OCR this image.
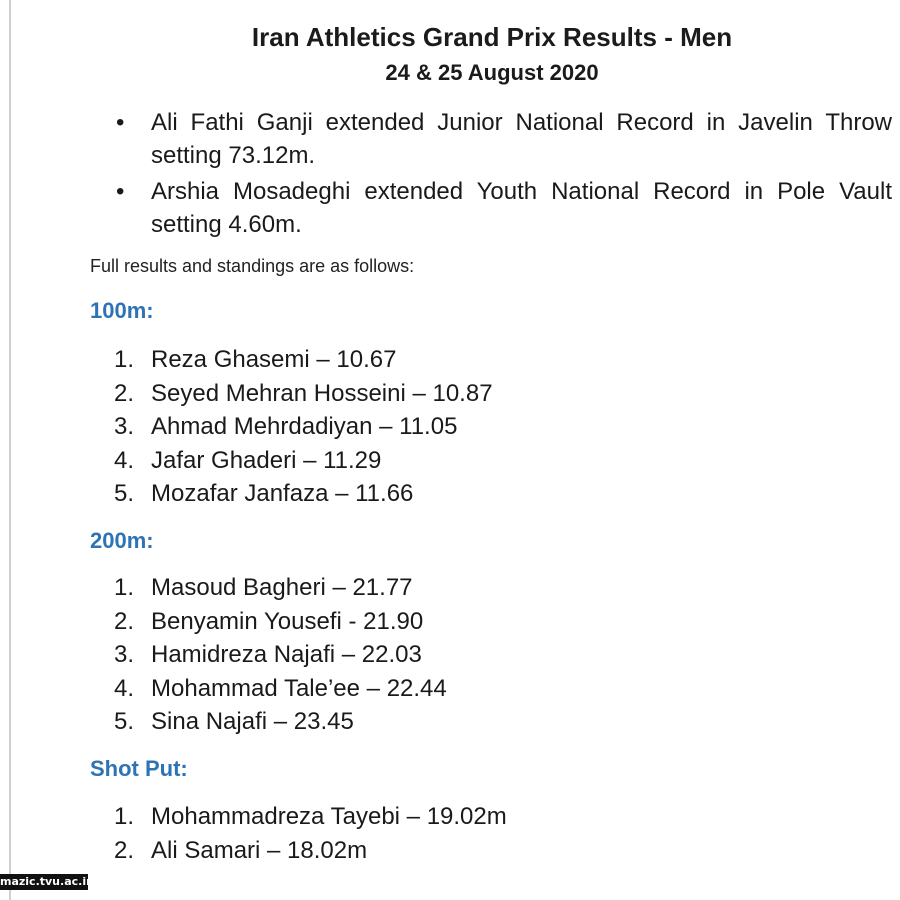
Iran Athletics Grand Prix Results - Men
24 & 25 August 2020
• Ali Fathi Ganji extended Junior National Record in Javelin Throw setting 73.12m.
• Arshia Mosadeghi extended Youth National Record in Pole Vault setting 4.60m.
Full results and standings are as follows:
100m:
1. Reza Ghasemi – 10.67
2. Seyed Mehran Hosseini – 10.87
3. Ahmad Mehrdadiyan – 11.05
4. Jafar Ghaderi – 11.29
5. Mozafar Janfaza – 11.66
200m:
1. Masoud Bagheri – 21.77
2. Benyamin Yousefi - 21.90
3. Hamidreza Najafi – 22.03
4. Mohammad Tale’ee – 22.44
5. Sina Najafi – 23.45
Shot Put:
1. Mohammadreza Tayebi – 19.02m
2. Ali Samari – 18.02m
mazic.tvu.ac.ir
